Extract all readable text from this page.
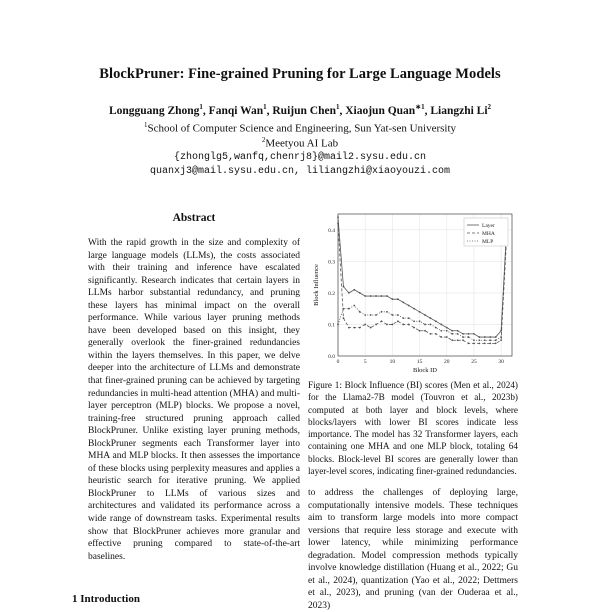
BlockPruner: Fine-grained Pruning for Large Language Models
Longguang Zhong$^1$, Fanqi Wan$^1$, Ruijun Chen$^1$, Xiaojun Quan$^{∗1}$, Liangzhi Li$^2$
$^1$School of Computer Science and Engineering, Sun Yat-sen University
$^2$Meetyou AI Lab
{zhonglg5,wanfq,chenrj8}@mail2.sysu.edu.cn
quanxj3@mail.sysu.edu.cn, liliangzhi@xiaoyouzi.com
Abstract
With the rapid growth in the size and complexity of large language models (LLMs), the costs associated with their training and inference have escalated significantly. Research indicates that certain layers in LLMs harbor substantial redundancy, and pruning these layers has minimal impact on the overall performance. While various layer pruning methods have been developed based on this insight, they generally overlook the finer-grained redundancies within the layers themselves. In this paper, we delve deeper into the architecture of LLMs and demonstrate that finer-grained pruning can be achieved by targeting redundancies in multi-head attention (MHA) and multi-layer perceptron (MLP) blocks. We propose a novel, training-free structured pruning approach called BlockPruner. Unlike existing layer pruning methods, BlockPruner segments each Transformer layer into MHA and MLP blocks. It then assesses the importance of these blocks using perplexity measures and applies a heuristic search for iterative pruning. We applied BlockPruner to LLMs of various sizes and architectures and validated its performance across a wide range of downstream tasks. Experimental results show that BlockPruner achieves more granular and effective pruning compared to state-of-the-art baselines.
0.0
0.1
0.2
0.3
0.4
0	5	10	15	20	25	30
Block ID
Block Influence
Layer
MHA
MLP
Figure 1: Block Influence (BI) scores (Men et al., 2024) for the Llama2-7B model (Touvron et al., 2023b) computed at both layer and block levels, where blocks/layers with lower BI scores indicate less importance. The model has 32 Transformer layers, each containing one MHA and one MLP block, totaling 64 blocks. Block-level BI scores are generally lower than layer-level scores, indicating finer-grained redundancies.
to address the challenges of deploying large, computationally intensive models. These techniques aim to transform large models into more compact versions that require less storage and execute with lower latency, while minimizing performance degradation. Model compression methods typically involve knowledge distillation (Huang et al., 2022; Gu et al., 2024), quantization (Yao et al., 2022; Dettmers et al., 2023), and pruning (van der Ouderaa et al., 2023)
1 Introduction
